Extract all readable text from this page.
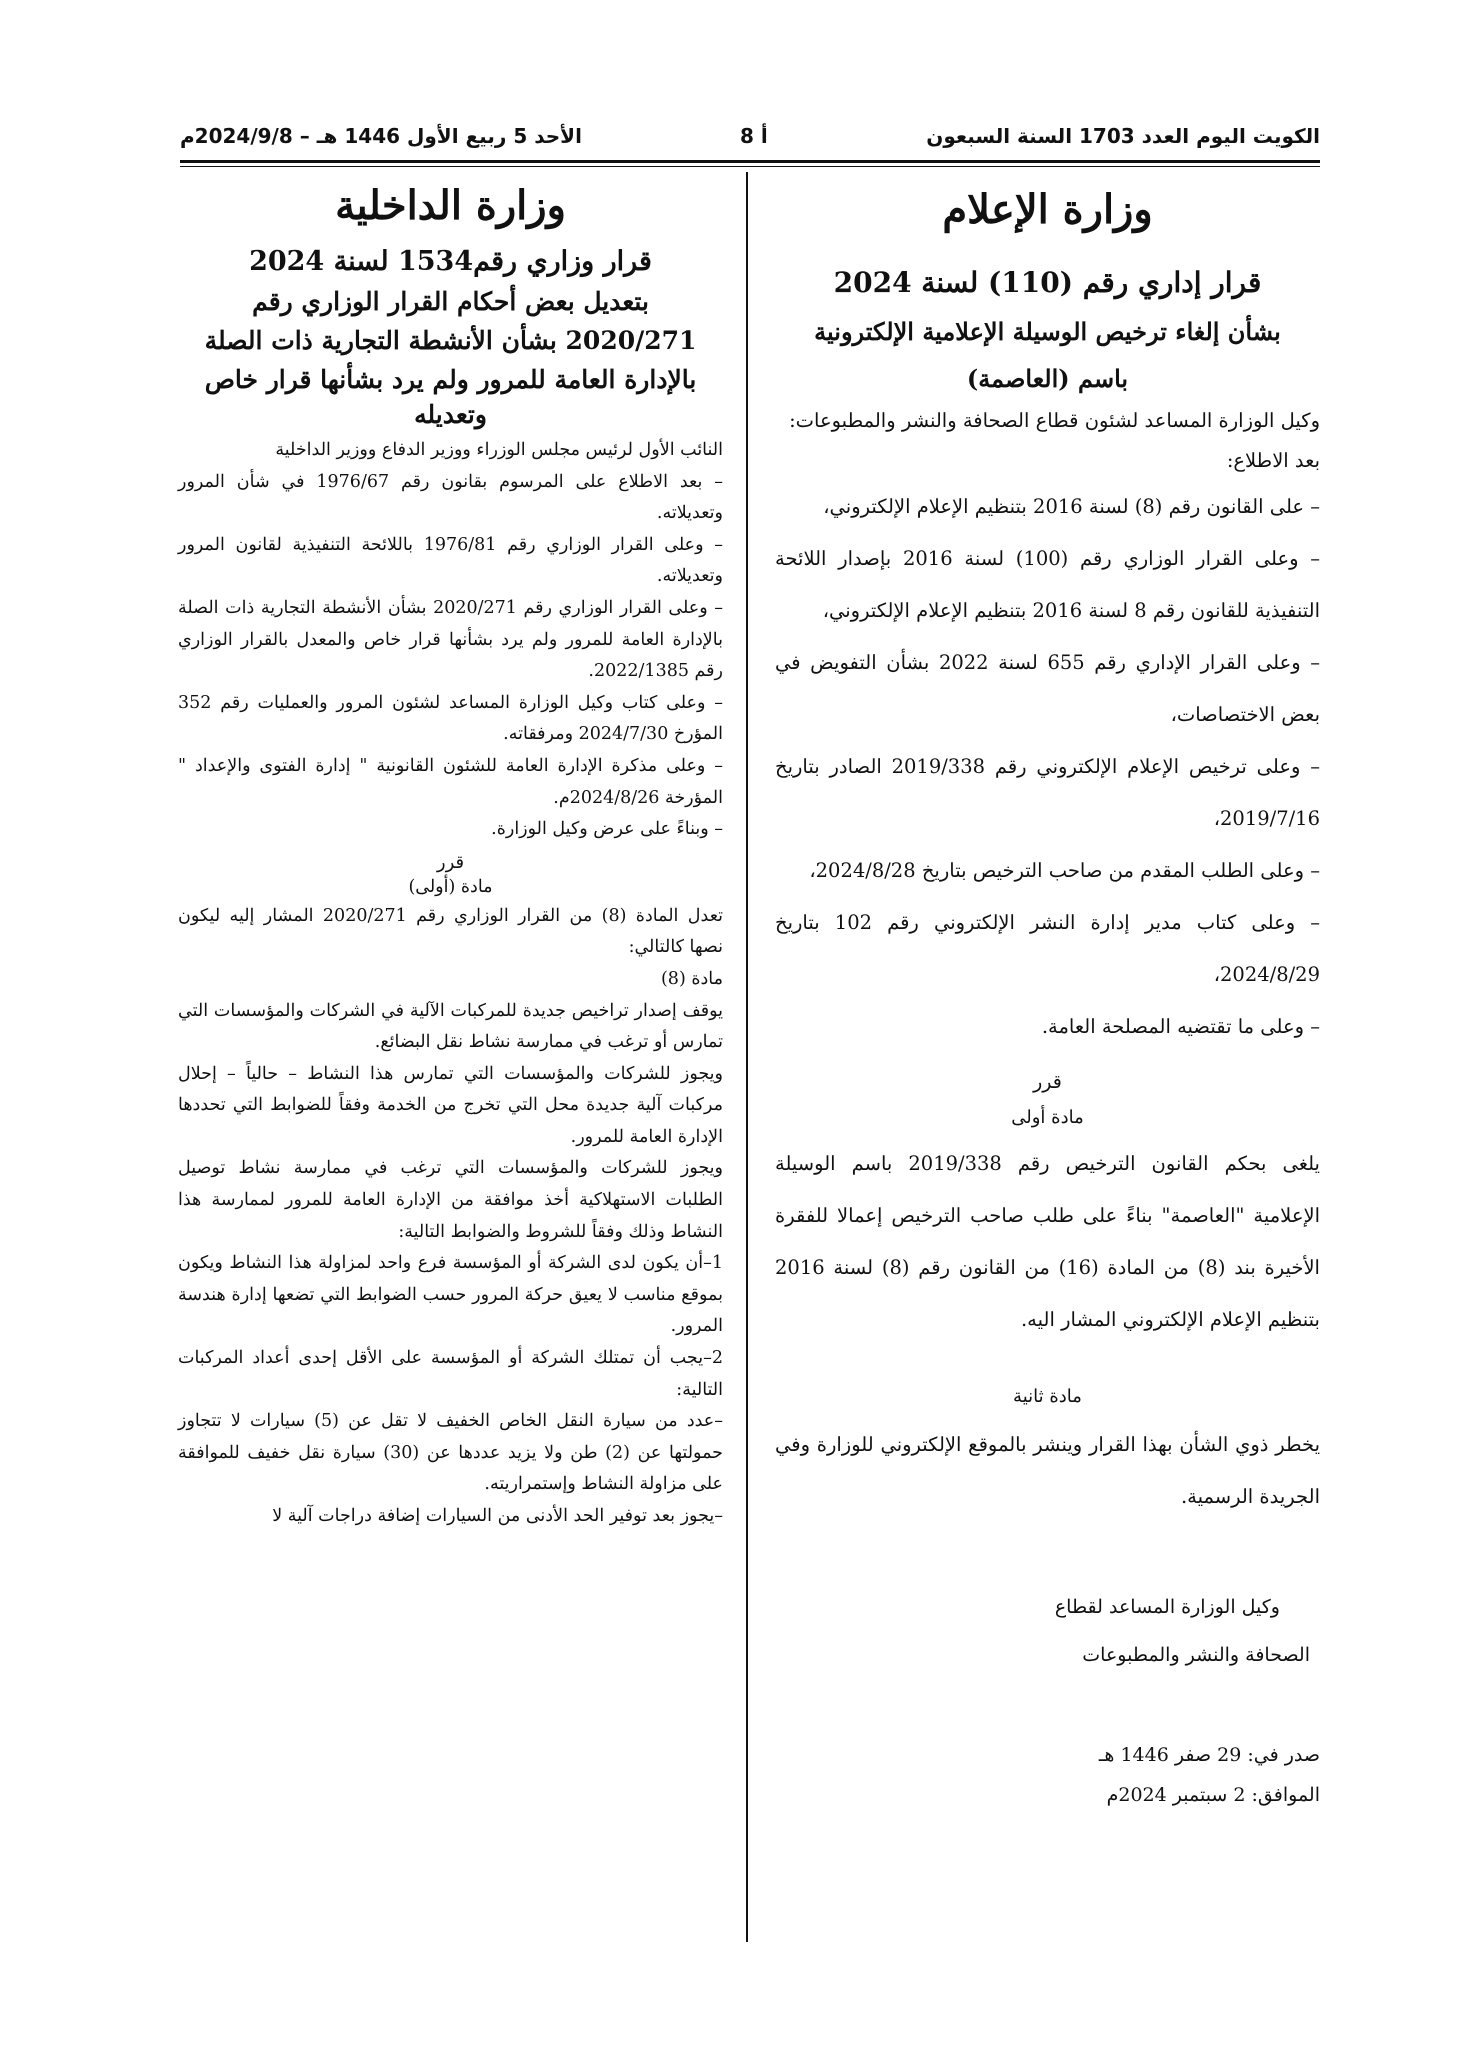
الكويت اليوم العدد 1703 السنة السبعون
أ 8
الأحد 5 ربيع الأول 1446 هـ – 2024/9/8م
وزارة الإعلام

قرار إداري رقم (110) لسنة 2024

بشأن إلغاء ترخيص الوسيلة الإعلامية الإلكترونية

باسم (العاصمة)

وكيل الوزارة المساعد لشئون قطاع الصحافة والنشر والمطبوعات:

بعد الاطلاع:

– على القانون رقم (8) لسنة 2016 بتنظيم الإعلام الإلكتروني،

– وعلى القرار الوزاري رقم (100) لسنة 2016 بإصدار اللائحة التنفيذية للقانون رقم 8 لسنة 2016 بتنظيم الإعلام الإلكتروني،

– وعلى القرار الإداري رقم 655 لسنة 2022 بشأن التفويض في بعض الاختصاصات،

– وعلى ترخيص الإعلام الإلكتروني رقم 2019/338 الصادر بتاريخ 2019/7/16،

– وعلى الطلب المقدم من صاحب الترخيص بتاريخ 2024/8/28،

– وعلى كتاب مدير إدارة النشر الإلكتروني رقم 102 بتاريخ 2024/8/29،

– وعلى ما تقتضيه المصلحة العامة.

قرر

مادة أولى

يلغى بحكم القانون الترخيص رقم 2019/338 باسم الوسيلة الإعلامية "العاصمة" بناءً على طلب صاحب الترخيص إعمالا للفقرة الأخيرة بند (8) من المادة (16) من القانون رقم (8) لسنة 2016 بتنظيم الإعلام الإلكتروني المشار اليه.

مادة ثانية

يخطر ذوي الشأن بهذا القرار وينشر بالموقع الإلكتروني للوزارة وفي الجريدة الرسمية.

وكيل الوزارة المساعد لقطاع

الصحافة والنشر والمطبوعات

صدر في: 29 صفر 1446 هـ

الموافق: 2 سبتمبر 2024م

وزارة الداخلية

قرار وزاري رقم1534 لسنة 2024

بتعديل بعض أحكام القرار الوزاري رقم

2020/271 بشأن الأنشطة التجارية ذات الصلة

بالإدارة العامة للمرور ولم يرد بشأنها قرار خاص

وتعديله

النائب الأول لرئيس مجلس الوزراء ووزير الدفاع ووزير الداخلية

– بعد الاطلاع على المرسوم بقانون رقم 1976/67 في شأن المرور وتعديلاته.

– وعلى القرار الوزاري رقم 1976/81 باللائحة التنفيذية لقانون المرور وتعديلاته.

– وعلى القرار الوزاري رقم 2020/271 بشأن الأنشطة التجارية ذات الصلة بالإدارة العامة للمرور ولم يرد بشأنها قرار خاص والمعدل بالقرار الوزاري رقم 2022/1385.

– وعلى كتاب وكيل الوزارة المساعد لشئون المرور والعمليات رقم 352 المؤرخ 2024/7/30 ومرفقاته.

– وعلى مذكرة الإدارة العامة للشئون القانونية " إدارة الفتوى والإعداد " المؤرخة 2024/8/26م.

– وبناءً على عرض وكيل الوزارة.

قرر

مادة (أولى)

تعدل المادة (8) من القرار الوزاري رقم 2020/271 المشار إليه ليكون نصها كالتالي:

مادة (8)

يوقف إصدار تراخيص جديدة للمركبات الآلية في الشركات والمؤسسات التي تمارس أو ترغب في ممارسة نشاط نقل البضائع.

ويجوز للشركات والمؤسسات التي تمارس هذا النشاط – حالياً – إحلال مركبات آلية جديدة محل التي تخرج من الخدمة وفقاً للضوابط التي تحددها الإدارة العامة للمرور.

ويجوز للشركات والمؤسسات التي ترغب في ممارسة نشاط توصيل الطلبات الاستهلاكية أخذ موافقة من الإدارة العامة للمرور لممارسة هذا النشاط وذلك وفقاً للشروط والضوابط التالية:

1–أن يكون لدى الشركة أو المؤسسة فرع واحد لمزاولة هذا النشاط ويكون بموقع مناسب لا يعيق حركة المرور حسب الضوابط التي تضعها إدارة هندسة المرور.

2–يجب أن تمتلك الشركة أو المؤسسة على الأقل إحدى أعداد المركبات التالية:

–عدد من سيارة النقل الخاص الخفيف لا تقل عن (5) سيارات لا تتجاوز حمولتها عن (2) طن ولا يزيد عددها عن (30) سيارة نقل خفيف للموافقة على مزاولة النشاط وإستمراريته.

–يجوز بعد توفير الحد الأدنى من السيارات إضافة دراجات آلية لا
